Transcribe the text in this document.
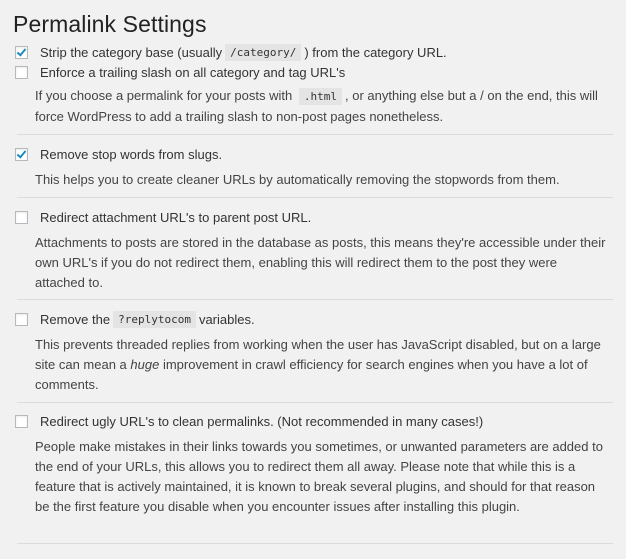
Permalink Settings
Strip the category base (usually /category/ ) from the category URL.
Enforce a trailing slash on all category and tag URL's
If you choose a permalink for your posts with .html , or anything else but a / on the end, this will force WordPress to add a trailing slash to non-post pages nonetheless.
Remove stop words from slugs.
This helps you to create cleaner URLs by automatically removing the stopwords from them.
Redirect attachment URL's to parent post URL.
Attachments to posts are stored in the database as posts, this means they're accessible under their own URL's if you do not redirect them, enabling this will redirect them to the post they were attached to.
Remove the ?replytocom variables.
This prevents threaded replies from working when the user has JavaScript disabled, but on a large site can mean a huge improvement in crawl efficiency for search engines when you have a lot of comments.
Redirect ugly URL's to clean permalinks. (Not recommended in many cases!)
People make mistakes in their links towards you sometimes, or unwanted parameters are added to the end of your URLs, this allows you to redirect them all away. Please note that while this is a feature that is actively maintained, it is known to break several plugins, and should for that reason be the first feature you disable when you encounter issues after installing this plugin.
